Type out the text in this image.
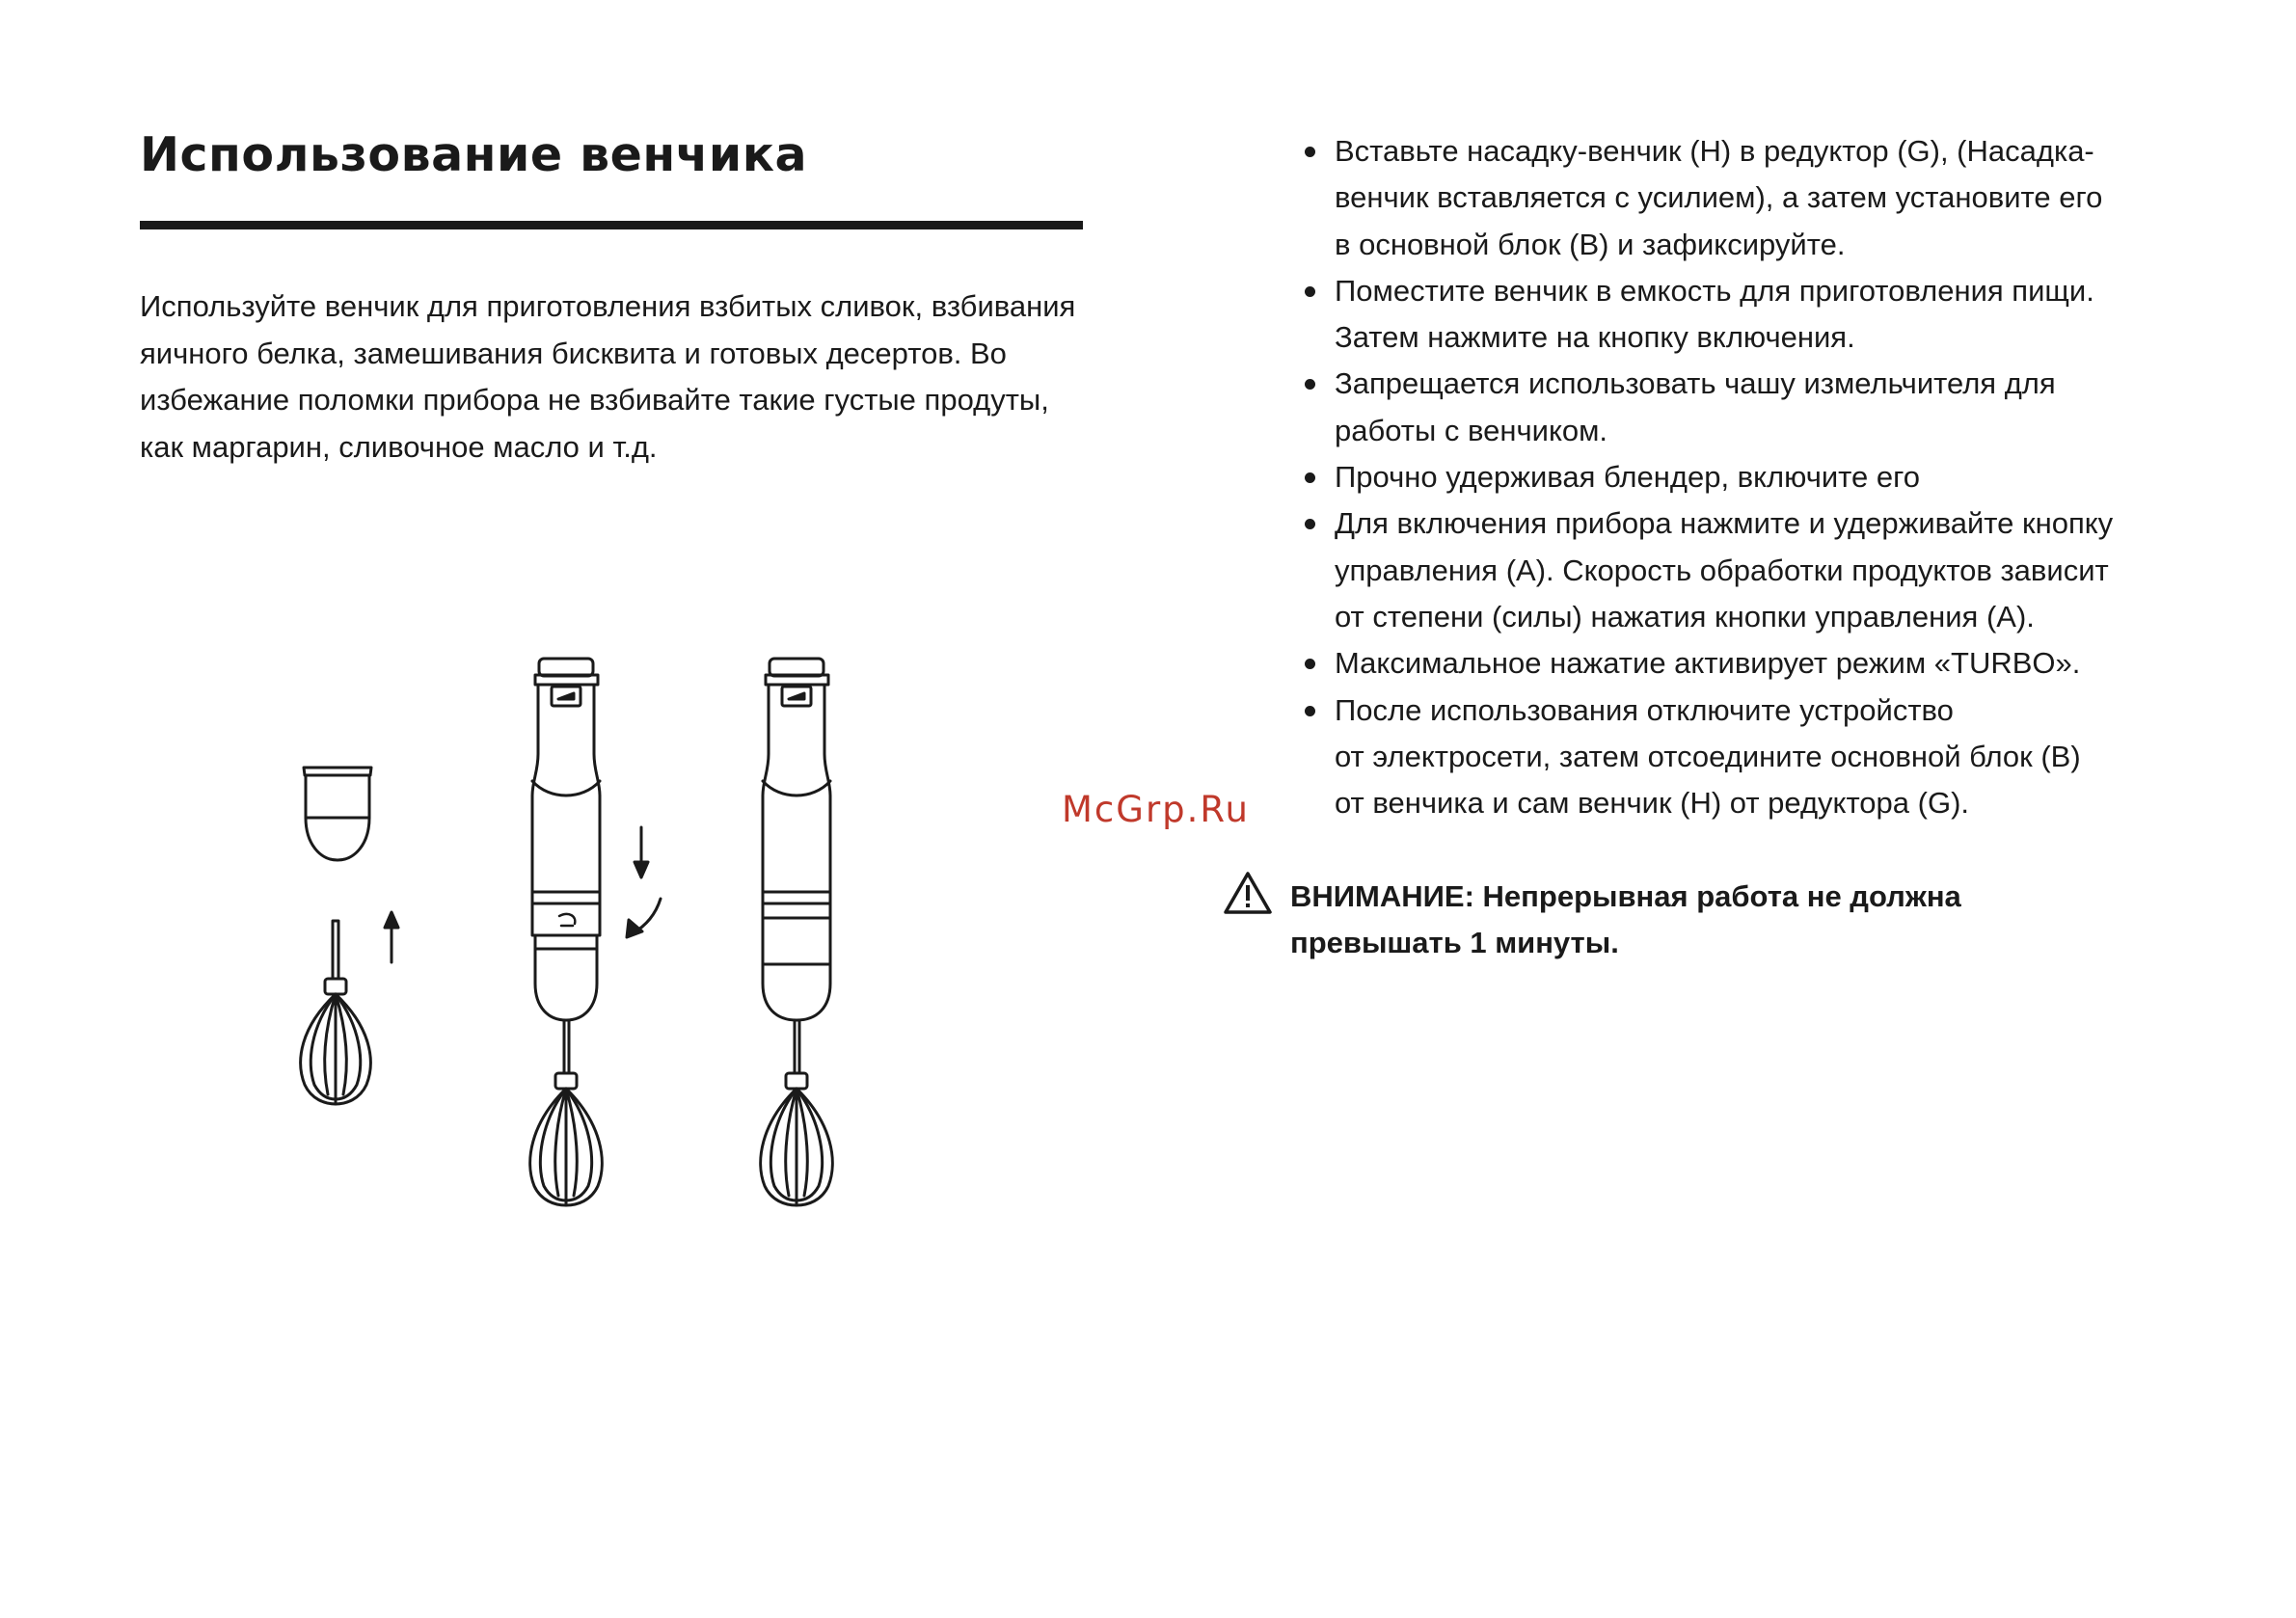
Использование венчика

Используйте венчик для приготовления взбитых сливок, взбивания яичного белка, замешивания бисквита и готовых десертов. Во избежание поломки прибора не взбивайте такие густые продуты, как маргарин, сливочное масло и т.д.

Вставьте насадку-венчик (H) в редуктор (G), (Насадка-
венчик вставляется с усилием), а затем установите его
в основной блок (B) и зафиксируйте.
Поместите венчик в емкость для приготовления пищи.
Затем нажмите на кнопку включения.
Запрещается использовать чашу измельчителя для
работы с венчиком.
Прочно удерживая блендер, включите его
Для включения прибора нажмите и удерживайте кнопку
управления (А). Скорость обработки продуктов зависит
от степени (силы) нажатия кнопки управления (А).
Максимальное нажатие активирует режим «TURBO».
После использования отключите устройство
от электросети, затем отсоедините основной блок (B)
от венчика и сам венчик (H) от редуктора (G).

ВНИМАНИЕ: Непрерывная работа не должна превышать 1 минуты.

McGrp.Ru
